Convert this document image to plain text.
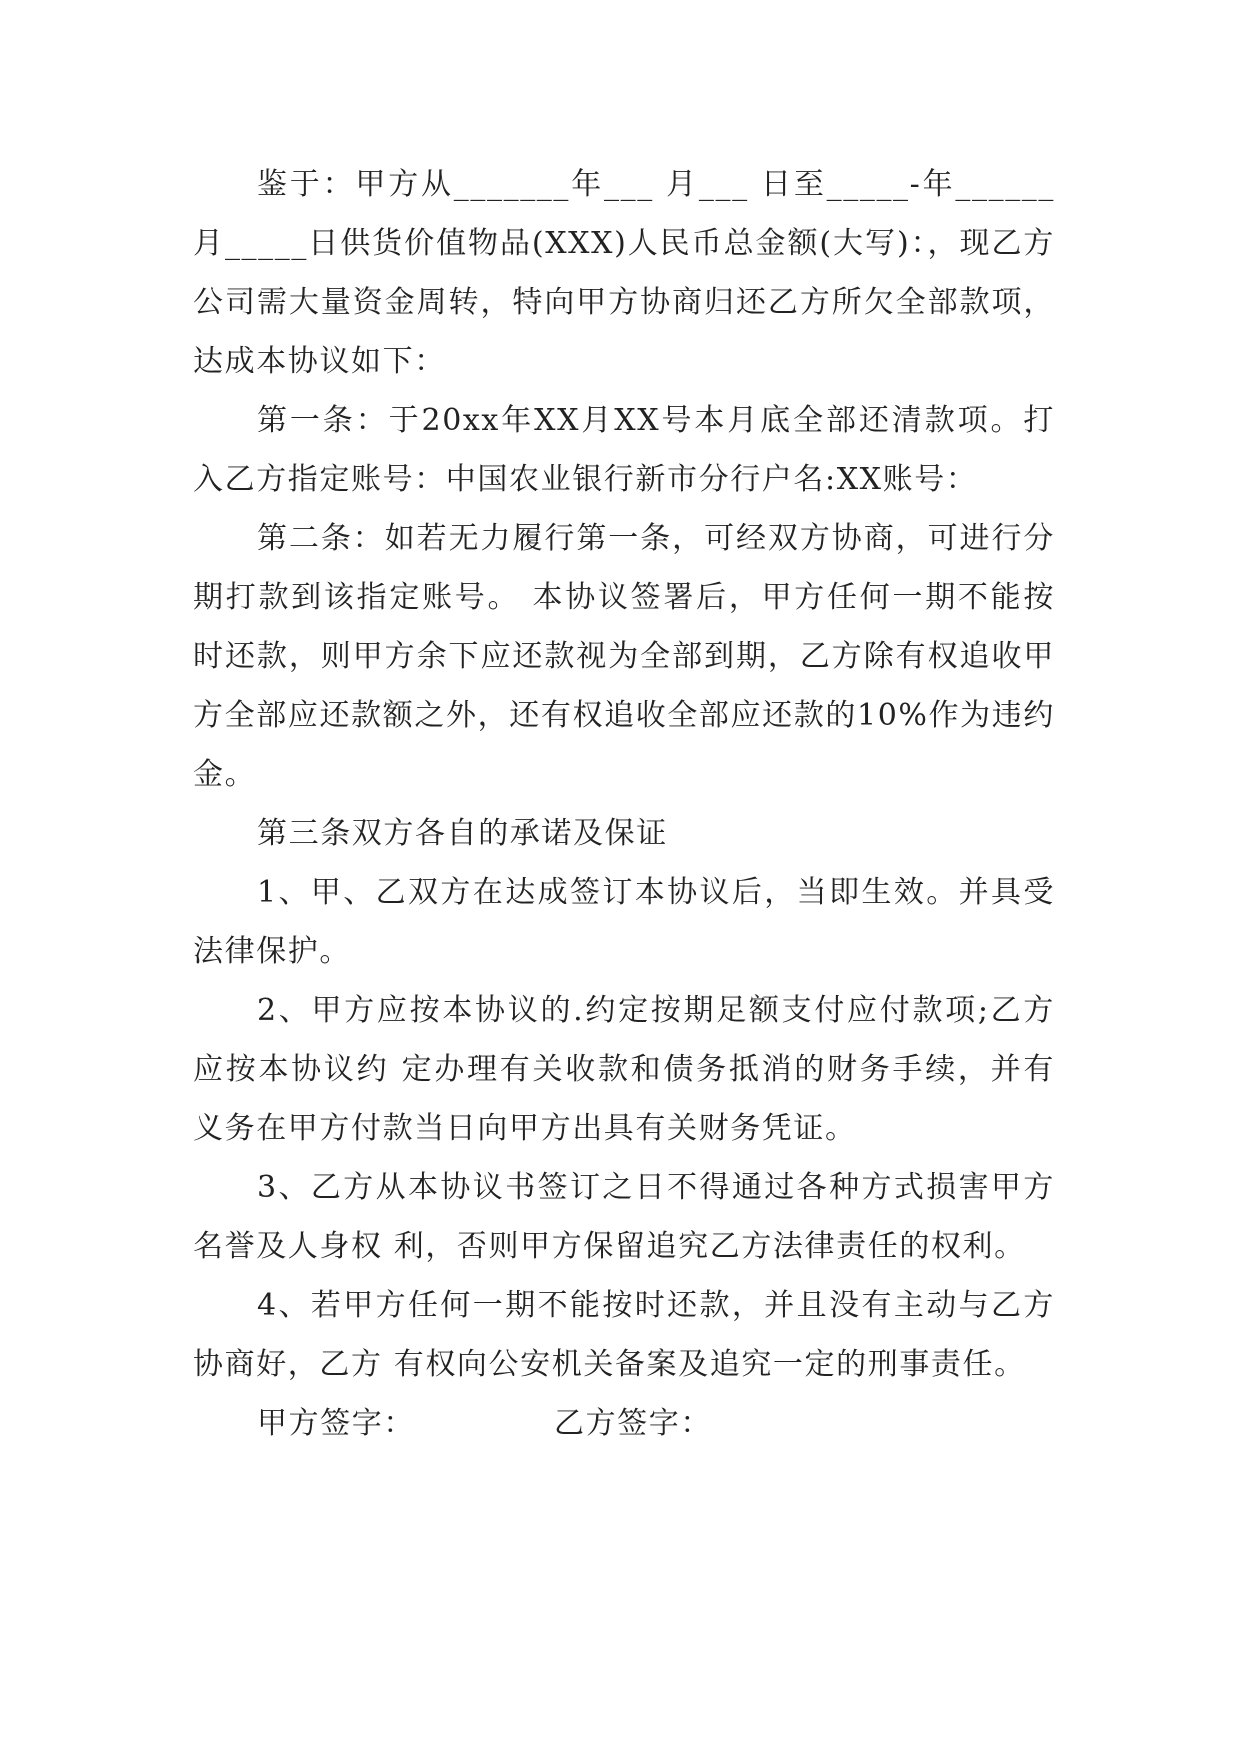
鉴于：甲方从_______年___ 月___ 日至_____-年______月_____日供货价值物品(XXX)人民币总金额(大写)：，现乙方公司需大量资金周转，特向甲方协商归还乙方所欠全部款项，达成本协议如下：

第一条：于20xx年XX月XX号本月底全部还清款项。打入乙方指定账号：中国农业银行新市分行户名:XX账号：

第二条：如若无力履行第一条，可经双方协商，可进行分期打款到该指定账号。 本协议签署后，甲方任何一期不能按时还款，则甲方余下应还款视为全部到期，乙方除有权追收甲方全部应还款额之外，还有权追收全部应还款的10%作为违约金。

第三条双方各自的承诺及保证

1、甲、乙双方在达成签订本协议后，当即生效。并具受法律保护。

2、甲方应按本协议的.约定按期足额支付应付款项;乙方应按本协议约 定办理有关收款和债务抵消的财务手续，并有义务在甲方付款当日向甲方出具有关财务凭证。

3、乙方从本协议书签订之日不得通过各种方式损害甲方名誉及人身权 利，否则甲方保留追究乙方法律责任的权利。

4、若甲方任何一期不能按时还款，并且没有主动与乙方协商好，乙方 有权向公安机关备案及追究一定的刑事责任。

甲方签字：	乙方签字：
